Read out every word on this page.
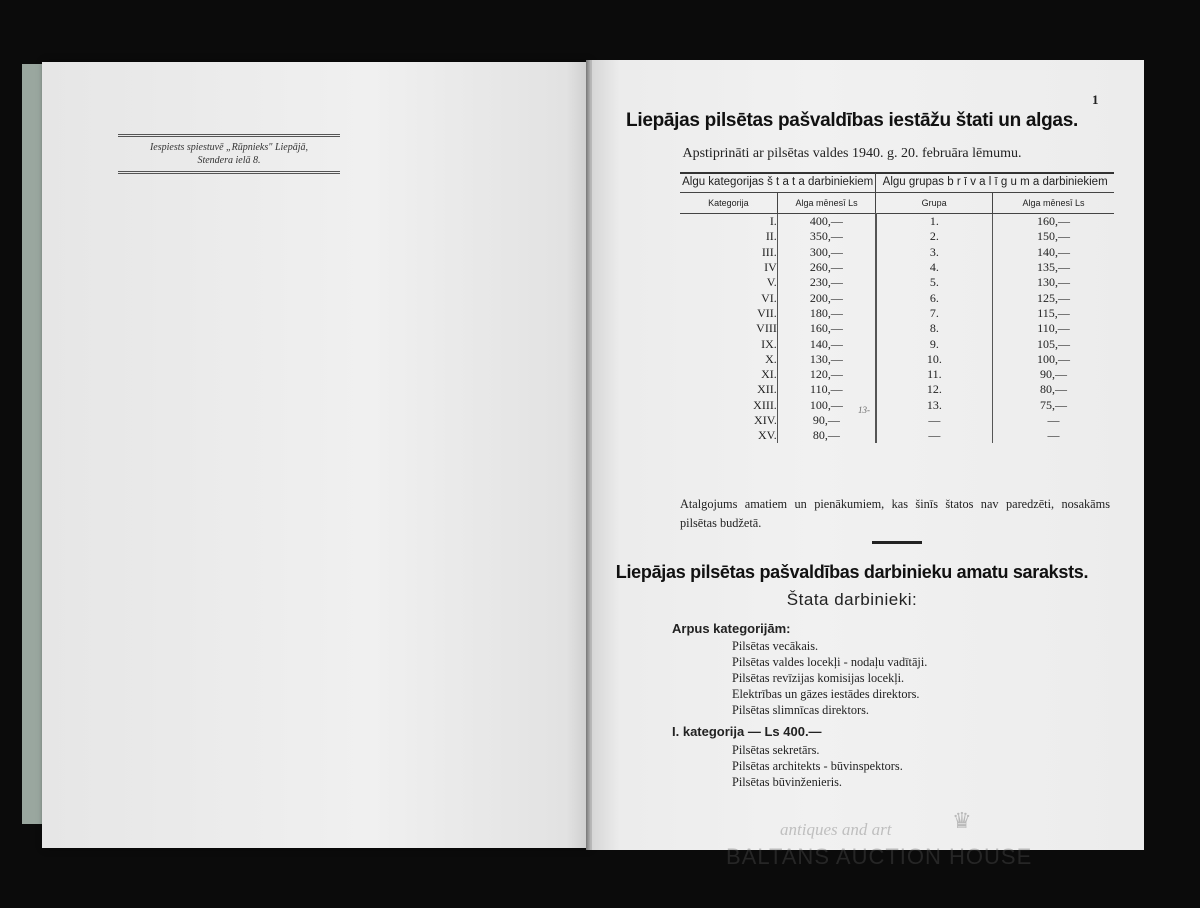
Iespiests spiestuvē „Rūpnieks" Liepājā,
Stendera ielā 8.
1
Liepājas pilsētas pašvaldības iestāžu štati un algas.
Apstiprināti ar pilsētas valdes 1940. g. 20. februāra lēmumu.
Algu kategorijas š t a t a darbiniekiem		Algu grupas b r ī v a l ī g u m a darbiniekiem	
Kategorija	Alga mēnesī Ls	Grupa	Alga mēnesī Ls
I.	400,—	1.	160,—
II.	350,—	2.	150,—
III.	300,—	3.	140,—
IV	260,—	4.	135,—
V.	230,—	5.	130,—
VI.	200,—	6.	125,—
VII.	180,—	7.	115,—
VIII	160,—	8.	110,—
IX.	140,—	9.	105,—
X.	130,—	10.	100,—
XI.	120,—	11.	90,—
XII.	110,—	12.	80,—
XIII.	100,—	13.	75,—
XIV.	90,—	—	—
XV.	80,—	—	—
13-
Atalgojums amatiem un pienākumiem, kas šinīs štatos nav paredzēti, nosakāms pilsētas budžetā.
Liepājas pilsētas pašvaldības darbinieku amatu saraksts.
Štata darbinieki:
Arpus kategorijām:
Pilsētas vecākais.
Pilsētas valdes locekļi - nodaļu vadītāji.
Pilsētas revīzijas komisijas locekļi.
Elektrības un gāzes iestādes direktors.
Pilsētas slimnīcas direktors.
I. kategorija — Ls 400.—
Pilsētas sekretārs.
Pilsētas architekts - būvinspektors.
Pilsētas būvinženieris.
antiques and art	♛
BALTANS AUCTION HOUSE
